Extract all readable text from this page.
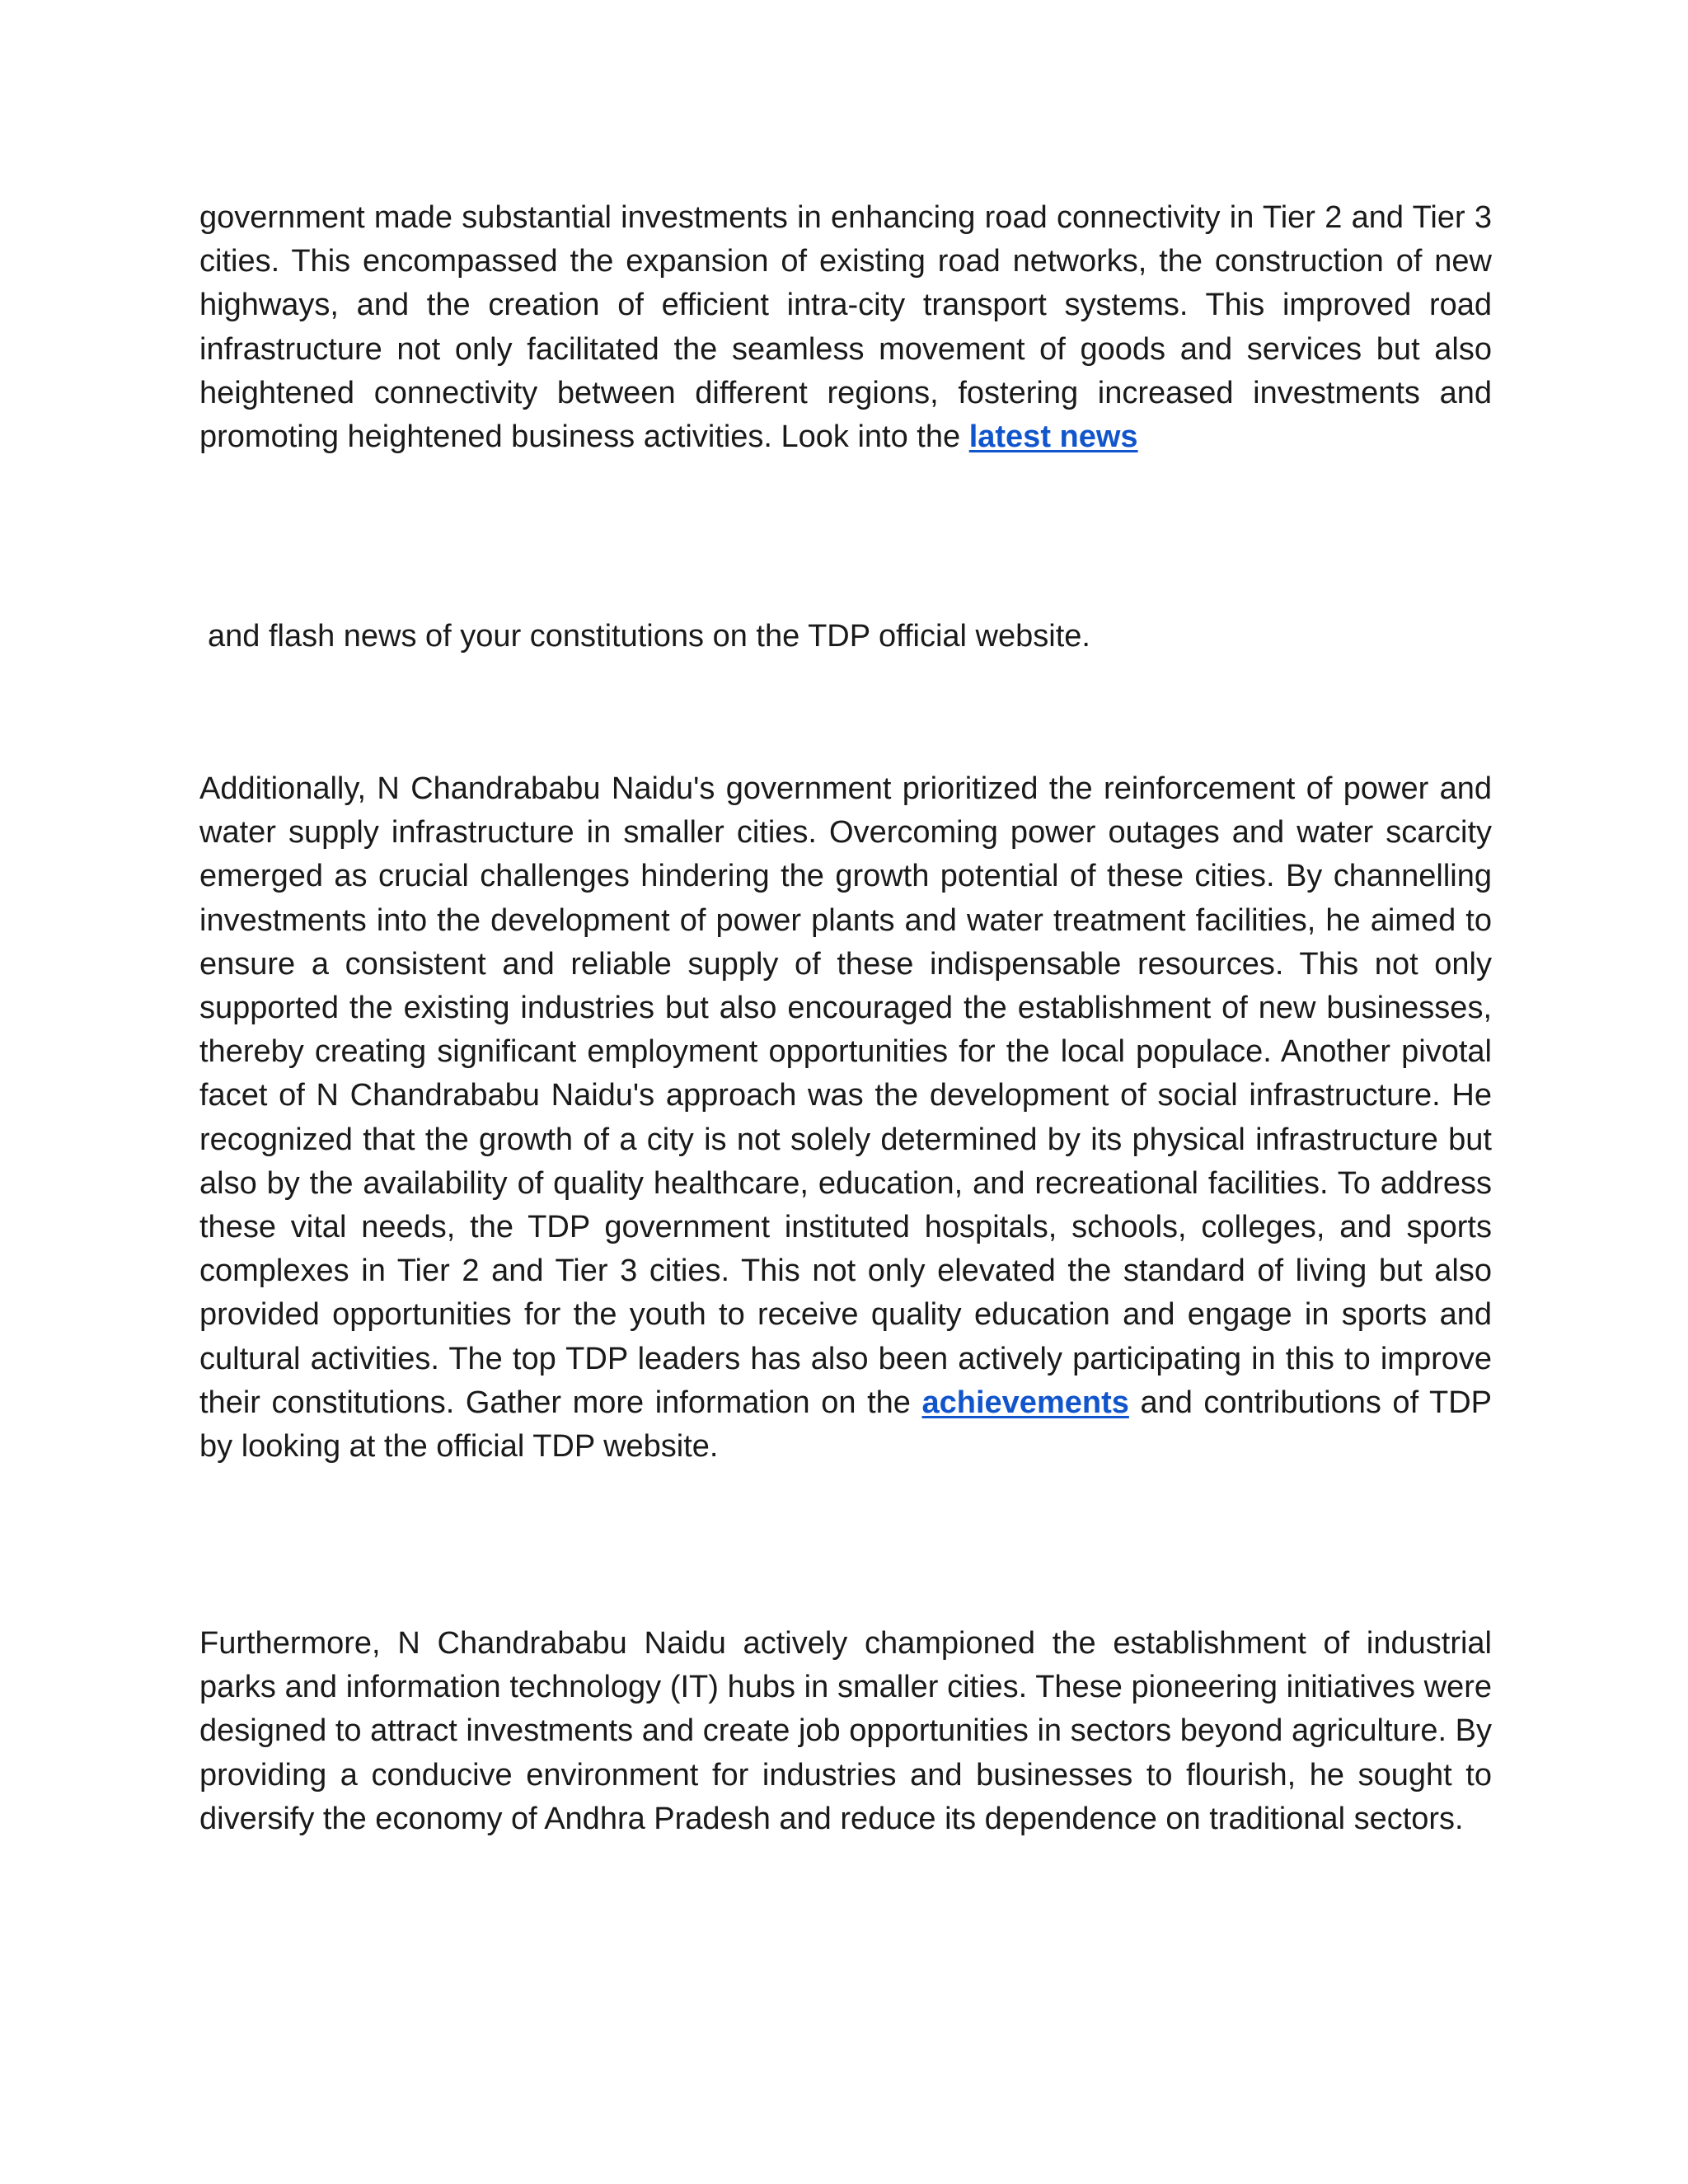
government made substantial investments in enhancing road connectivity in Tier 2 and Tier 3 cities. This encompassed the expansion of existing road networks, the construction of new highways, and the creation of efficient intra-city transport systems. This improved road infrastructure not only facilitated the seamless movement of goods and services but also heightened connectivity between different regions, fostering increased investments and promoting heightened business activities. Look into the latest news

and flash news of your constitutions on the TDP official website.

Additionally, N Chandrababu Naidu's government prioritized the reinforcement of power and water supply infrastructure in smaller cities. Overcoming power outages and water scarcity emerged as crucial challenges hindering the growth potential of these cities. By channelling investments into the development of power plants and water treatment facilities, he aimed to ensure a consistent and reliable supply of these indispensable resources. This not only supported the existing industries but also encouraged the establishment of new businesses, thereby creating significant employment opportunities for the local populace. Another pivotal facet of N Chandrababu Naidu's approach was the development of social infrastructure. He recognized that the growth of a city is not solely determined by its physical infrastructure but also by the availability of quality healthcare, education, and recreational facilities. To address these vital needs, the TDP government instituted hospitals, schools, colleges, and sports complexes in Tier 2 and Tier 3 cities. This not only elevated the standard of living but also provided opportunities for the youth to receive quality education and engage in sports and cultural activities. The top TDP leaders has also been actively participating in this to improve their constitutions. Gather more information on the achievements and contributions of TDP by looking at the official TDP website.

Furthermore, N Chandrababu Naidu actively championed the establishment of industrial parks and information technology (IT) hubs in smaller cities. These pioneering initiatives were designed to attract investments and create job opportunities in sectors beyond agriculture. By providing a conducive environment for industries and businesses to flourish, he sought to diversify the economy of Andhra Pradesh and reduce its dependence on traditional sectors.
